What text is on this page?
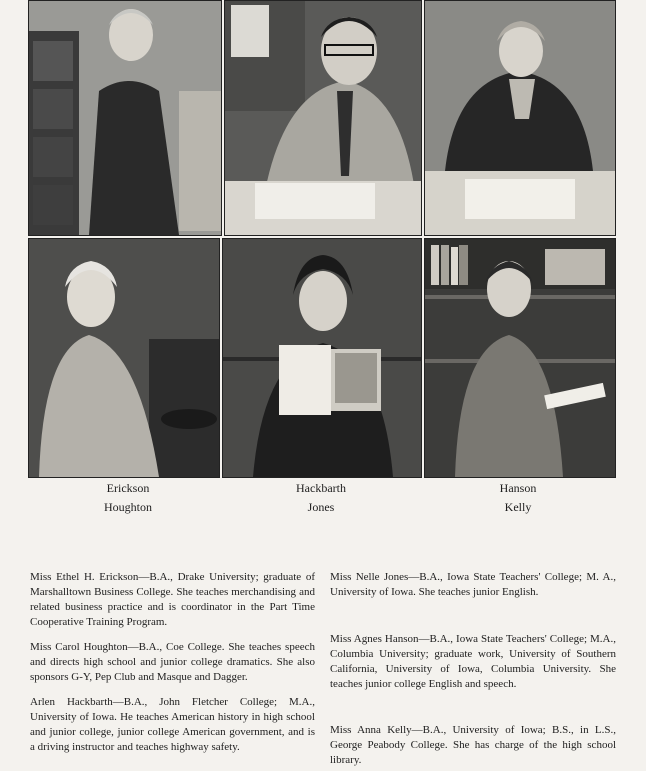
Erickson
Houghton
Hackbarth
Jones
Hanson
Kelly

Miss Ethel H. Erickson—B.A., Drake University; graduate of Marshalltown Business College. She teaches merchandising and related business practice and is coordinator in the Part Time Cooperative Training Program.

Miss Carol Houghton—B.A., Coe College. She teaches speech and directs high school and junior college dramatics. She also sponsors G-Y, Pep Club and Masque and Dagger.

Arlen Hackbarth—B.A., John Fletcher College; M.A., University of Iowa. He teaches American history in high school and junior college, junior college American government, and is a driving instructor and teaches highway safety.

Miss Nelle Jones—B.A., Iowa State Teachers' College; M. A., University of Iowa. She teaches junior English.

Miss Agnes Hanson—B.A., Iowa State Teachers' College; M.A., Columbia University; graduate work, University of Southern California, University of Iowa, Columbia University. She teaches junior college English and speech.

Miss Anna Kelly—B.A., University of Iowa; B.S., in L.S., George Peabody College. She has charge of the high school library.
